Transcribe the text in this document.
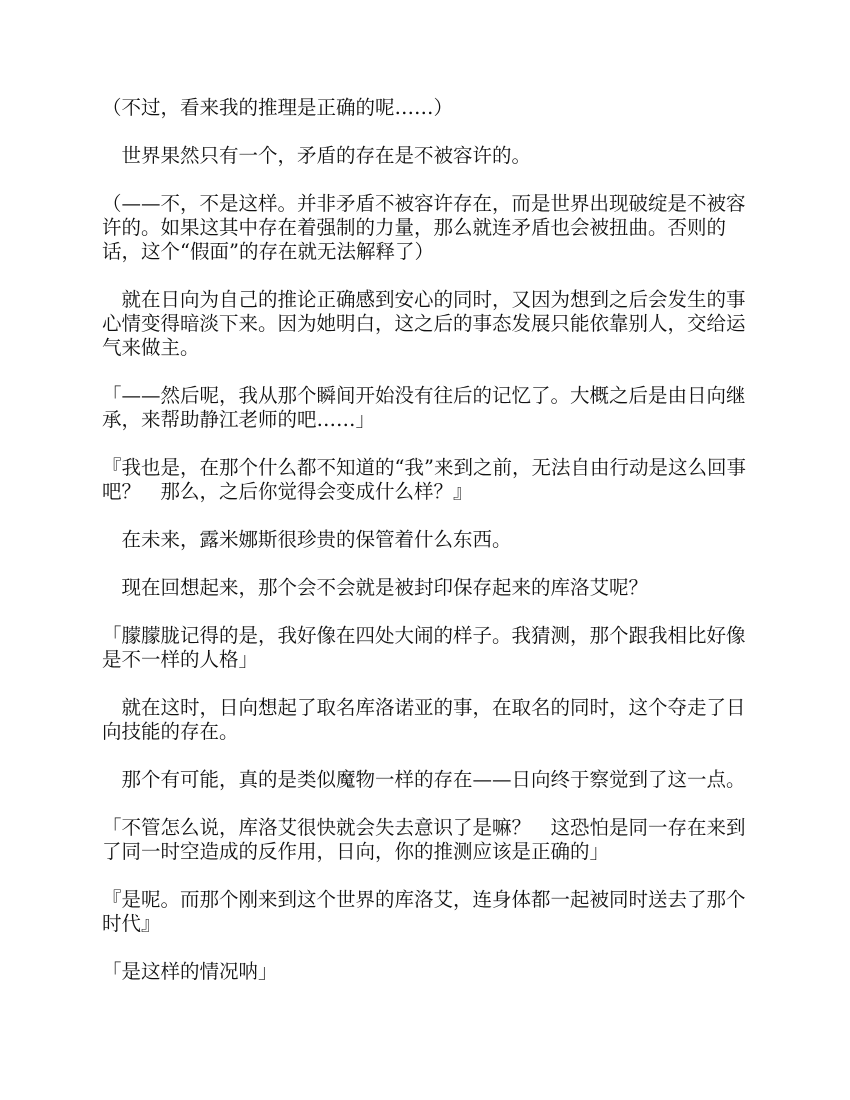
（不过，看来我的推理是正确的呢……）

　世界果然只有一个，矛盾的存在是不被容许的。

（——不，不是这样。并非矛盾不被容许存在，而是世界出现破绽是不被容许的。如果这其中存在着强制的力量，那么就连矛盾也会被扭曲。否则的话，这个“假面”的存在就无法解释了）

　就在日向为自己的推论正确感到安心的同时，又因为想到之后会发生的事心情变得暗淡下来。因为她明白，这之后的事态发展只能依靠别人，交给运气来做主。

「——然后呢，我从那个瞬间开始没有往后的记忆了。大概之后是由日向继承，来帮助静江老师的吧……」

『我也是，在那个什么都不知道的“我”来到之前，无法自由行动是这么回事吧？　那么，之后你觉得会变成什么样？』

　在未来，露米娜斯很珍贵的保管着什么东西。

　现在回想起来，那个会不会就是被封印保存起来的库洛艾呢？

「朦朦胧记得的是，我好像在四处大闹的样子。我猜测，那个跟我相比好像是不一样的人格」

　就在这时，日向想起了取名库洛诺亚的事，在取名的同时，这个夺走了日向技能的存在。

　那个有可能，真的是类似魔物一样的存在——日向终于察觉到了这一点。

「不管怎么说，库洛艾很快就会失去意识了是嘛？　这恐怕是同一存在来到了同一时空造成的反作用，日向，你的推测应该是正确的」

『是呢。而那个刚来到这个世界的库洛艾，连身体都一起被同时送去了那个时代』

「是这样的情况呐」
